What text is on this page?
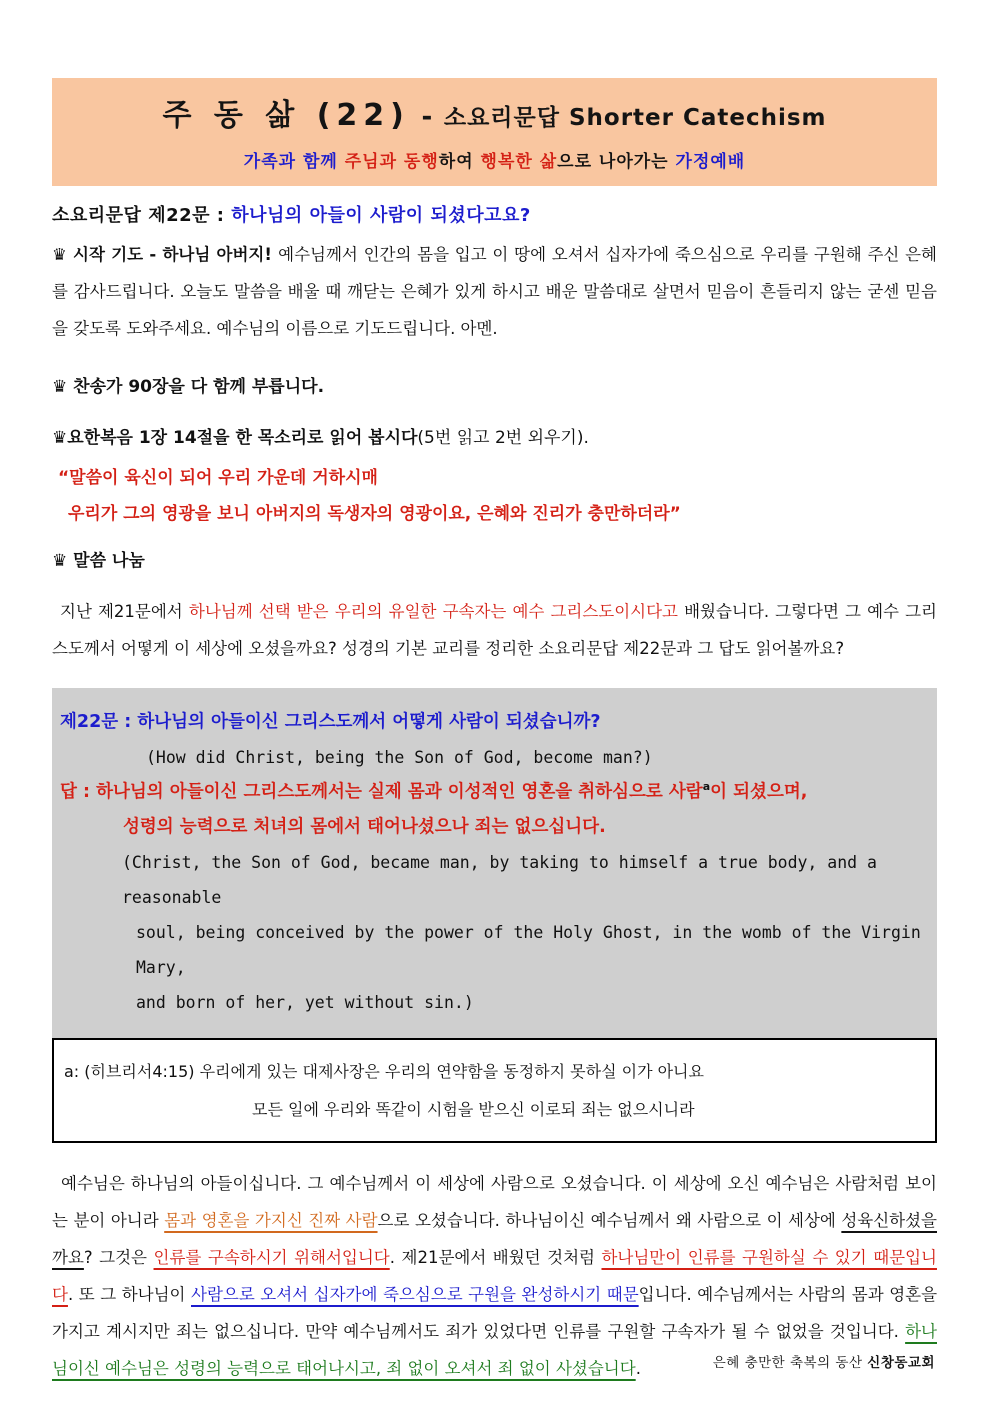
주 동 삶 (22) - 소요리문답 Shorter Catechism
가족과 함께 주님과 동행하여 행복한 삶으로 나아가는 가정예배
소요리문답 제22문 : 하나님의 아들이 사람이 되셨다고요?
♛ 시작 기도 - 하나님 아버지! 예수님께서 인간의 몸을 입고 이 땅에 오셔서 십자가에 죽으심으로 우리를 구원해 주신 은혜를 감사드립니다. 오늘도 말씀을 배울 때 깨닫는 은혜가 있게 하시고 배운 말씀대로 살면서 믿음이 흔들리지 않는 굳센 믿음을 갖도록 도와주세요. 예수님의 이름으로 기도드립니다. 아멘.
♛ 찬송가 90장을 다 함께 부릅니다.
♛요한복음 1장 14절을 한 목소리로 읽어 봅시다(5번 읽고 2번 외우기).
“말씀이 육신이 되어 우리 가운데 거하시매
우리가 그의 영광을 보니 아버지의 독생자의 영광이요, 은혜와 진리가 충만하더라”
♛ 말씀 나눔
지난 제21문에서 하나님께 선택 받은 우리의 유일한 구속자는 예수 그리스도이시다고 배웠습니다. 그렇다면 그 예수 그리스도께서 어떻게 이 세상에 오셨을까요? 성경의 기본 교리를 정리한 소요리문답 제22문과 그 답도 읽어볼까요?
제22문 : 하나님의 아들이신 그리스도께서 어떻게 사람이 되셨습니까?
(How did Christ, being the Son of God, become man?)
답 : 하나님의 아들이신 그리스도께서는 실제 몸과 이성적인 영혼을 취하심으로 사람$^a$이 되셨으며,
성령의 능력으로 처녀의 몸에서 태어나셨으나 죄는 없으십니다.
(Christ, the Son of God, became man, by taking to himself a true body, and a reasonable
soul, being conceived by the power of the Holy Ghost, in the womb of the Virgin Mary,
and born of her, yet without sin.)
a: (히브리서4:15) 우리에게 있는 대제사장은 우리의 연약함을 동정하지 못하실 이가 아니요
모든 일에 우리와 똑같이 시험을 받으신 이로되 죄는 없으시니라
예수님은 하나님의 아들이십니다. 그 예수님께서 이 세상에 사람으로 오셨습니다. 이 세상에 오신 예수님은 사람처럼 보이는 분이 아니라 몸과 영혼을 가지신 진짜 사람으로 오셨습니다. 하나님이신 예수님께서 왜 사람으로 이 세상에 성육신하셨을까요? 그것은 인류를 구속하시기 위해서입니다. 제21문에서 배웠던 것처럼 하나님만이 인류를 구원하실 수 있기 때문입니다. 또 그 하나님이 사람으로 오셔서 십자가에 죽으심으로 구원을 완성하시기 때문입니다. 예수님께서는 사람의 몸과 영혼을 가지고 계시지만 죄는 없으십니다. 만약 예수님께서도 죄가 있었다면 인류를 구원할 구속자가 될 수 없었을 것입니다. 하나님이신 예수님은 성령의 능력으로 태어나시고, 죄 없이 오셔서 죄 없이 사셨습니다.	은혜 충만한 축복의 동산 신창동교회
